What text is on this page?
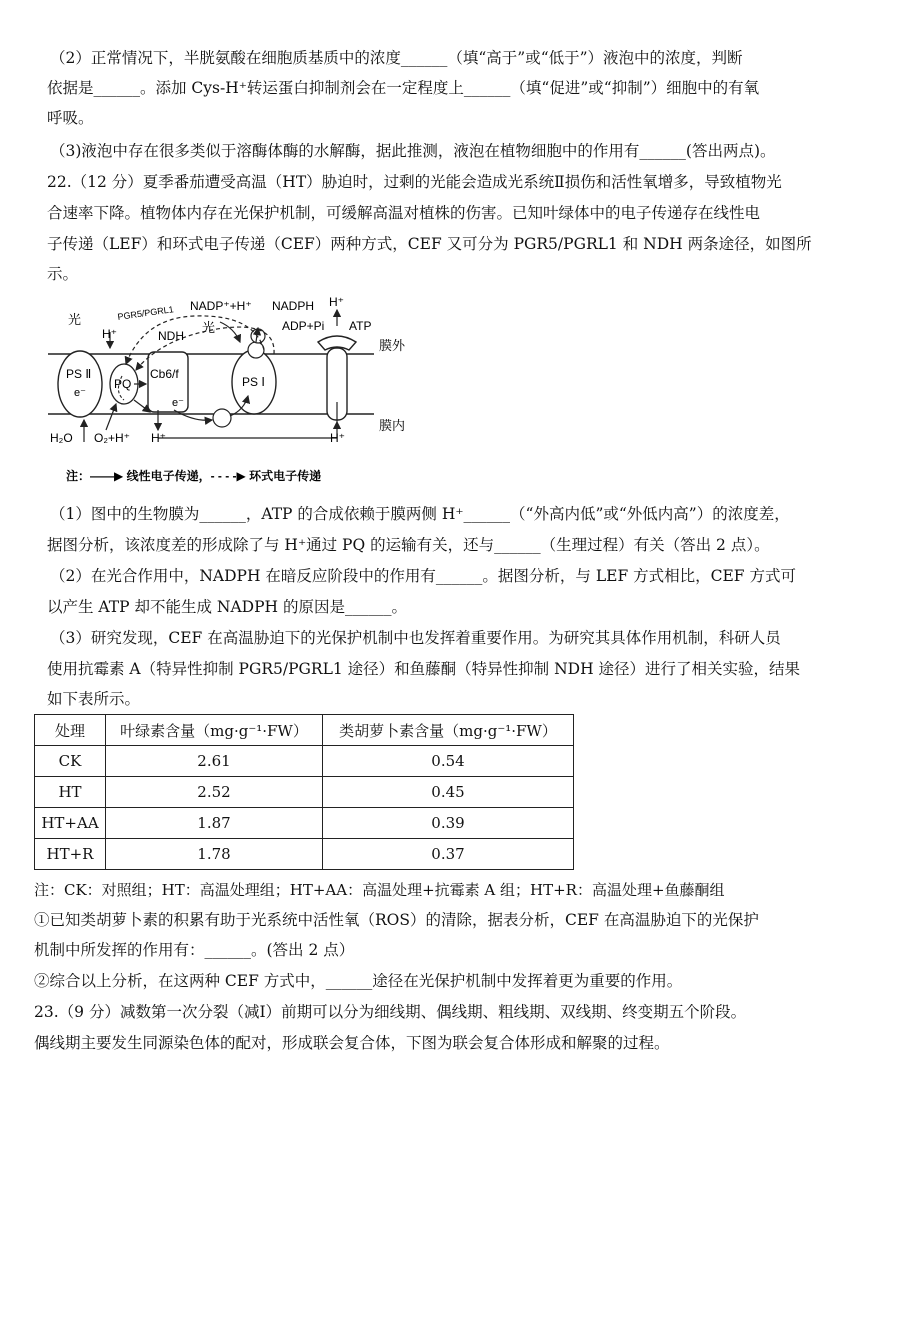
（2）正常情况下，半胱氨酸在细胞质基质中的浓度______（填“高于”或“低于”）液泡中的浓度，判断
依据是______。添加 Cys-H⁺转运蛋白抑制剂会在一定程度上______（填“促进”或“抑制”）细胞中的有氧
呼吸。
（3)液泡中存在很多类似于溶酶体酶的水解酶，据此推测，液泡在植物细胞中的作用有______(答出两点)。
22.（12 分）夏季番茄遭受高温（HT）胁迫时，过剩的光能会造成光系统Ⅱ损伤和活性氧增多，导致植物光
合速率下降。植物体内存在光保护机制，可缓解高温对植株的伤害。已知叶绿体中的电子传递存在线性电
子传递（LEF）和环式电子传递（CEF）两种方式，CEF 又可分为 PGR5/PGRL1 和 NDH 两条途径，如图所
示。
光
光
PGR5/PGRL1 NADP⁺+H⁺ NADPH H⁺
H⁺	NDH
ADP+Pi ATP
膜外
膜内
PS Ⅱ
PQ
Cb6/f
PS Ⅰ
e⁻
e⁻
H₂O O₂+H⁺ H⁺	H⁺
注：——▶ 线性电子传递，- - - -▶ 环式电子传递
（1）图中的生物膜为______，ATP 的合成依赖于膜两侧 H⁺______（“外高内低”或“外低内高”）的浓度差，
据图分析，该浓度差的形成除了与 H⁺通过 PQ 的运输有关，还与______（生理过程）有关（答出 2 点）。
（2）在光合作用中，NADPH 在暗反应阶段中的作用有______。据图分析，与 LEF 方式相比，CEF 方式可
以产生 ATP 却不能生成 NADPH 的原因是______。
（3）研究发现，CEF 在高温胁迫下的光保护机制中也发挥着重要作用。为研究其具体作用机制，科研人员
使用抗霉素 A（特异性抑制 PGR5/PGRL1 途径）和鱼藤酮（特异性抑制 NDH 途径）进行了相关实验，结果
如下表所示。
处理	叶绿素含量（mg·g⁻¹·FW）	类胡萝卜素含量（mg·g⁻¹·FW）
CK	2.61	0.54
HT	2.52	0.45
HT+AA	1.87	0.39
HT+R	1.78	0.37
注：CK：对照组；HT：高温处理组；HT+AA：高温处理+抗霉素 A 组；HT+R：高温处理+鱼藤酮组
①已知类胡萝卜素的积累有助于光系统中活性氧（ROS）的清除，据表分析，CEF 在高温胁迫下的光保护
机制中所发挥的作用有：______。(答出 2 点）
②综合以上分析，在这两种 CEF 方式中，______途径在光保护机制中发挥着更为重要的作用。
23.（9 分）减数第一次分裂（减Ⅰ）前期可以分为细线期、偶线期、粗线期、双线期、终变期五个阶段。
偶线期主要发生同源染色体的配对，形成联会复合体，下图为联会复合体形成和解聚的过程。
